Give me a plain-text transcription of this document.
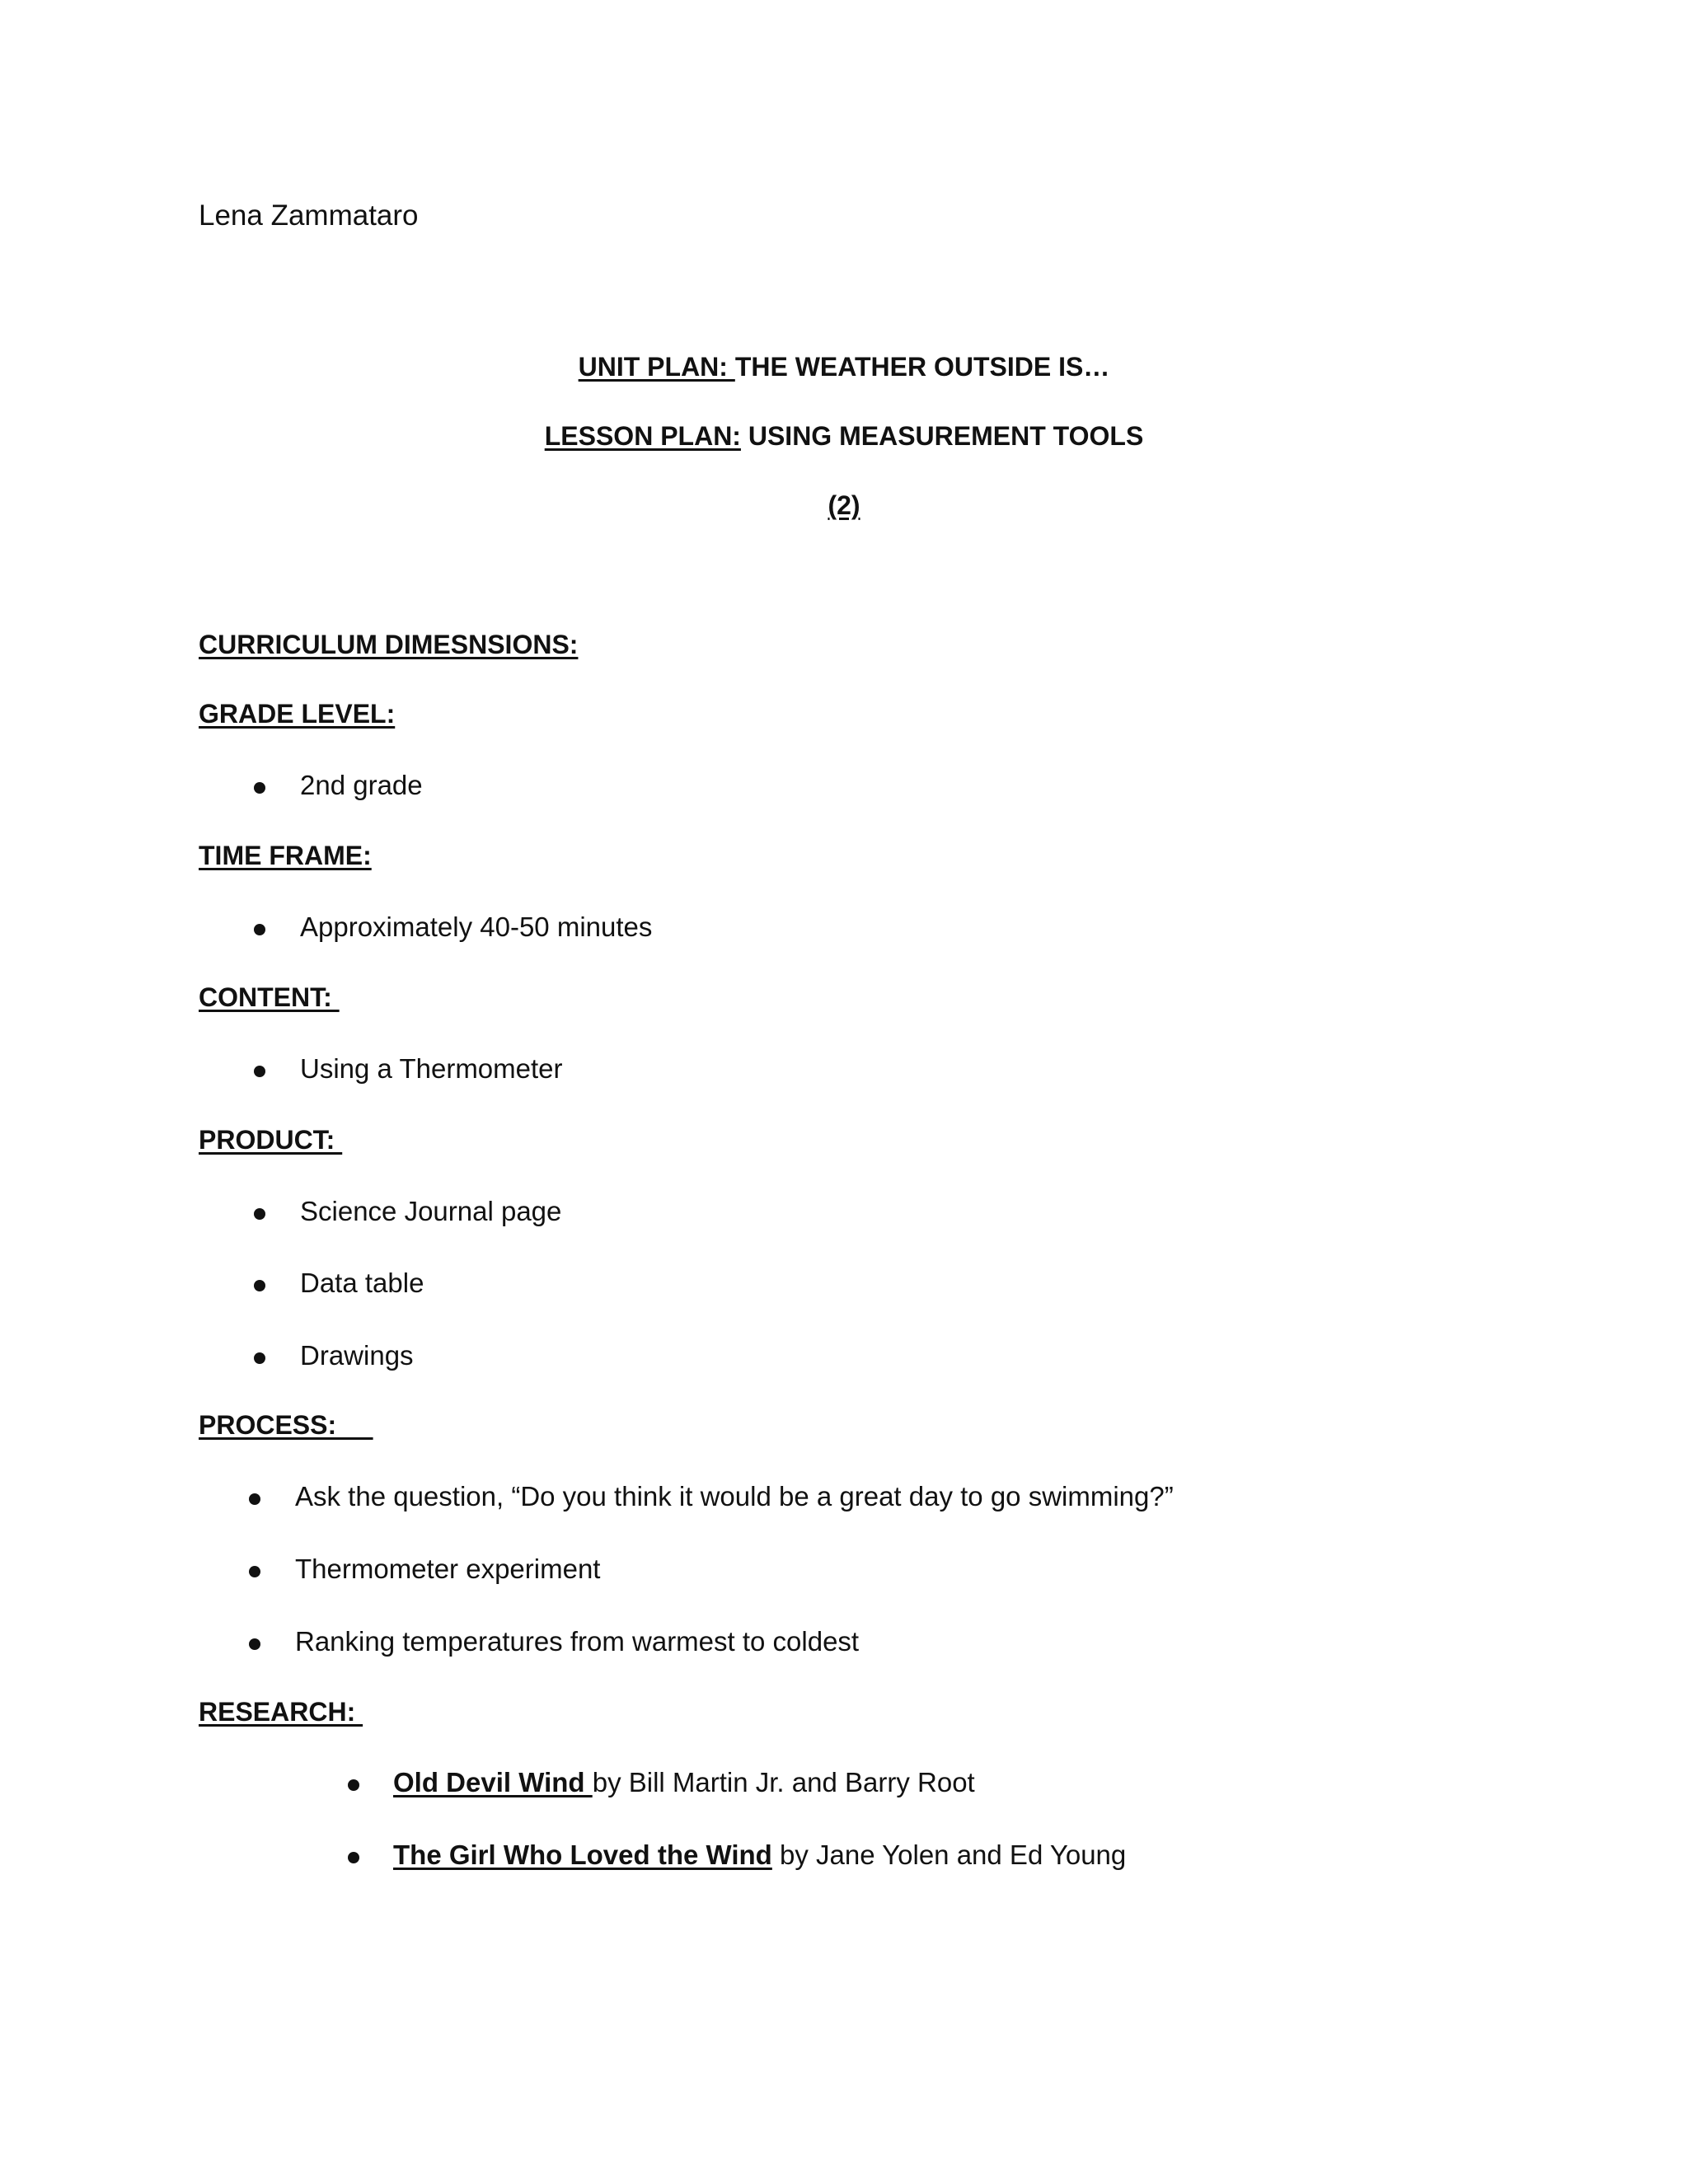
Lena Zammataro
UNIT PLAN: THE WEATHER OUTSIDE IS…
LESSON PLAN: USING MEASUREMENT TOOLS
(2)
CURRICULUM DIMESNSIONS:
GRADE LEVEL:
2nd grade
TIME FRAME:
Approximately 40-50 minutes
CONTENT:
Using a Thermometer
PRODUCT:
Science Journal page
Data table
Drawings
PROCESS:
Ask the question, “Do you think it would be a great day to go swimming?”
Thermometer experiment
Ranking temperatures from warmest to coldest
RESEARCH:
Old Devil Wind by Bill Martin Jr. and Barry Root
The Girl Who Loved the Wind by Jane Yolen and Ed Young
